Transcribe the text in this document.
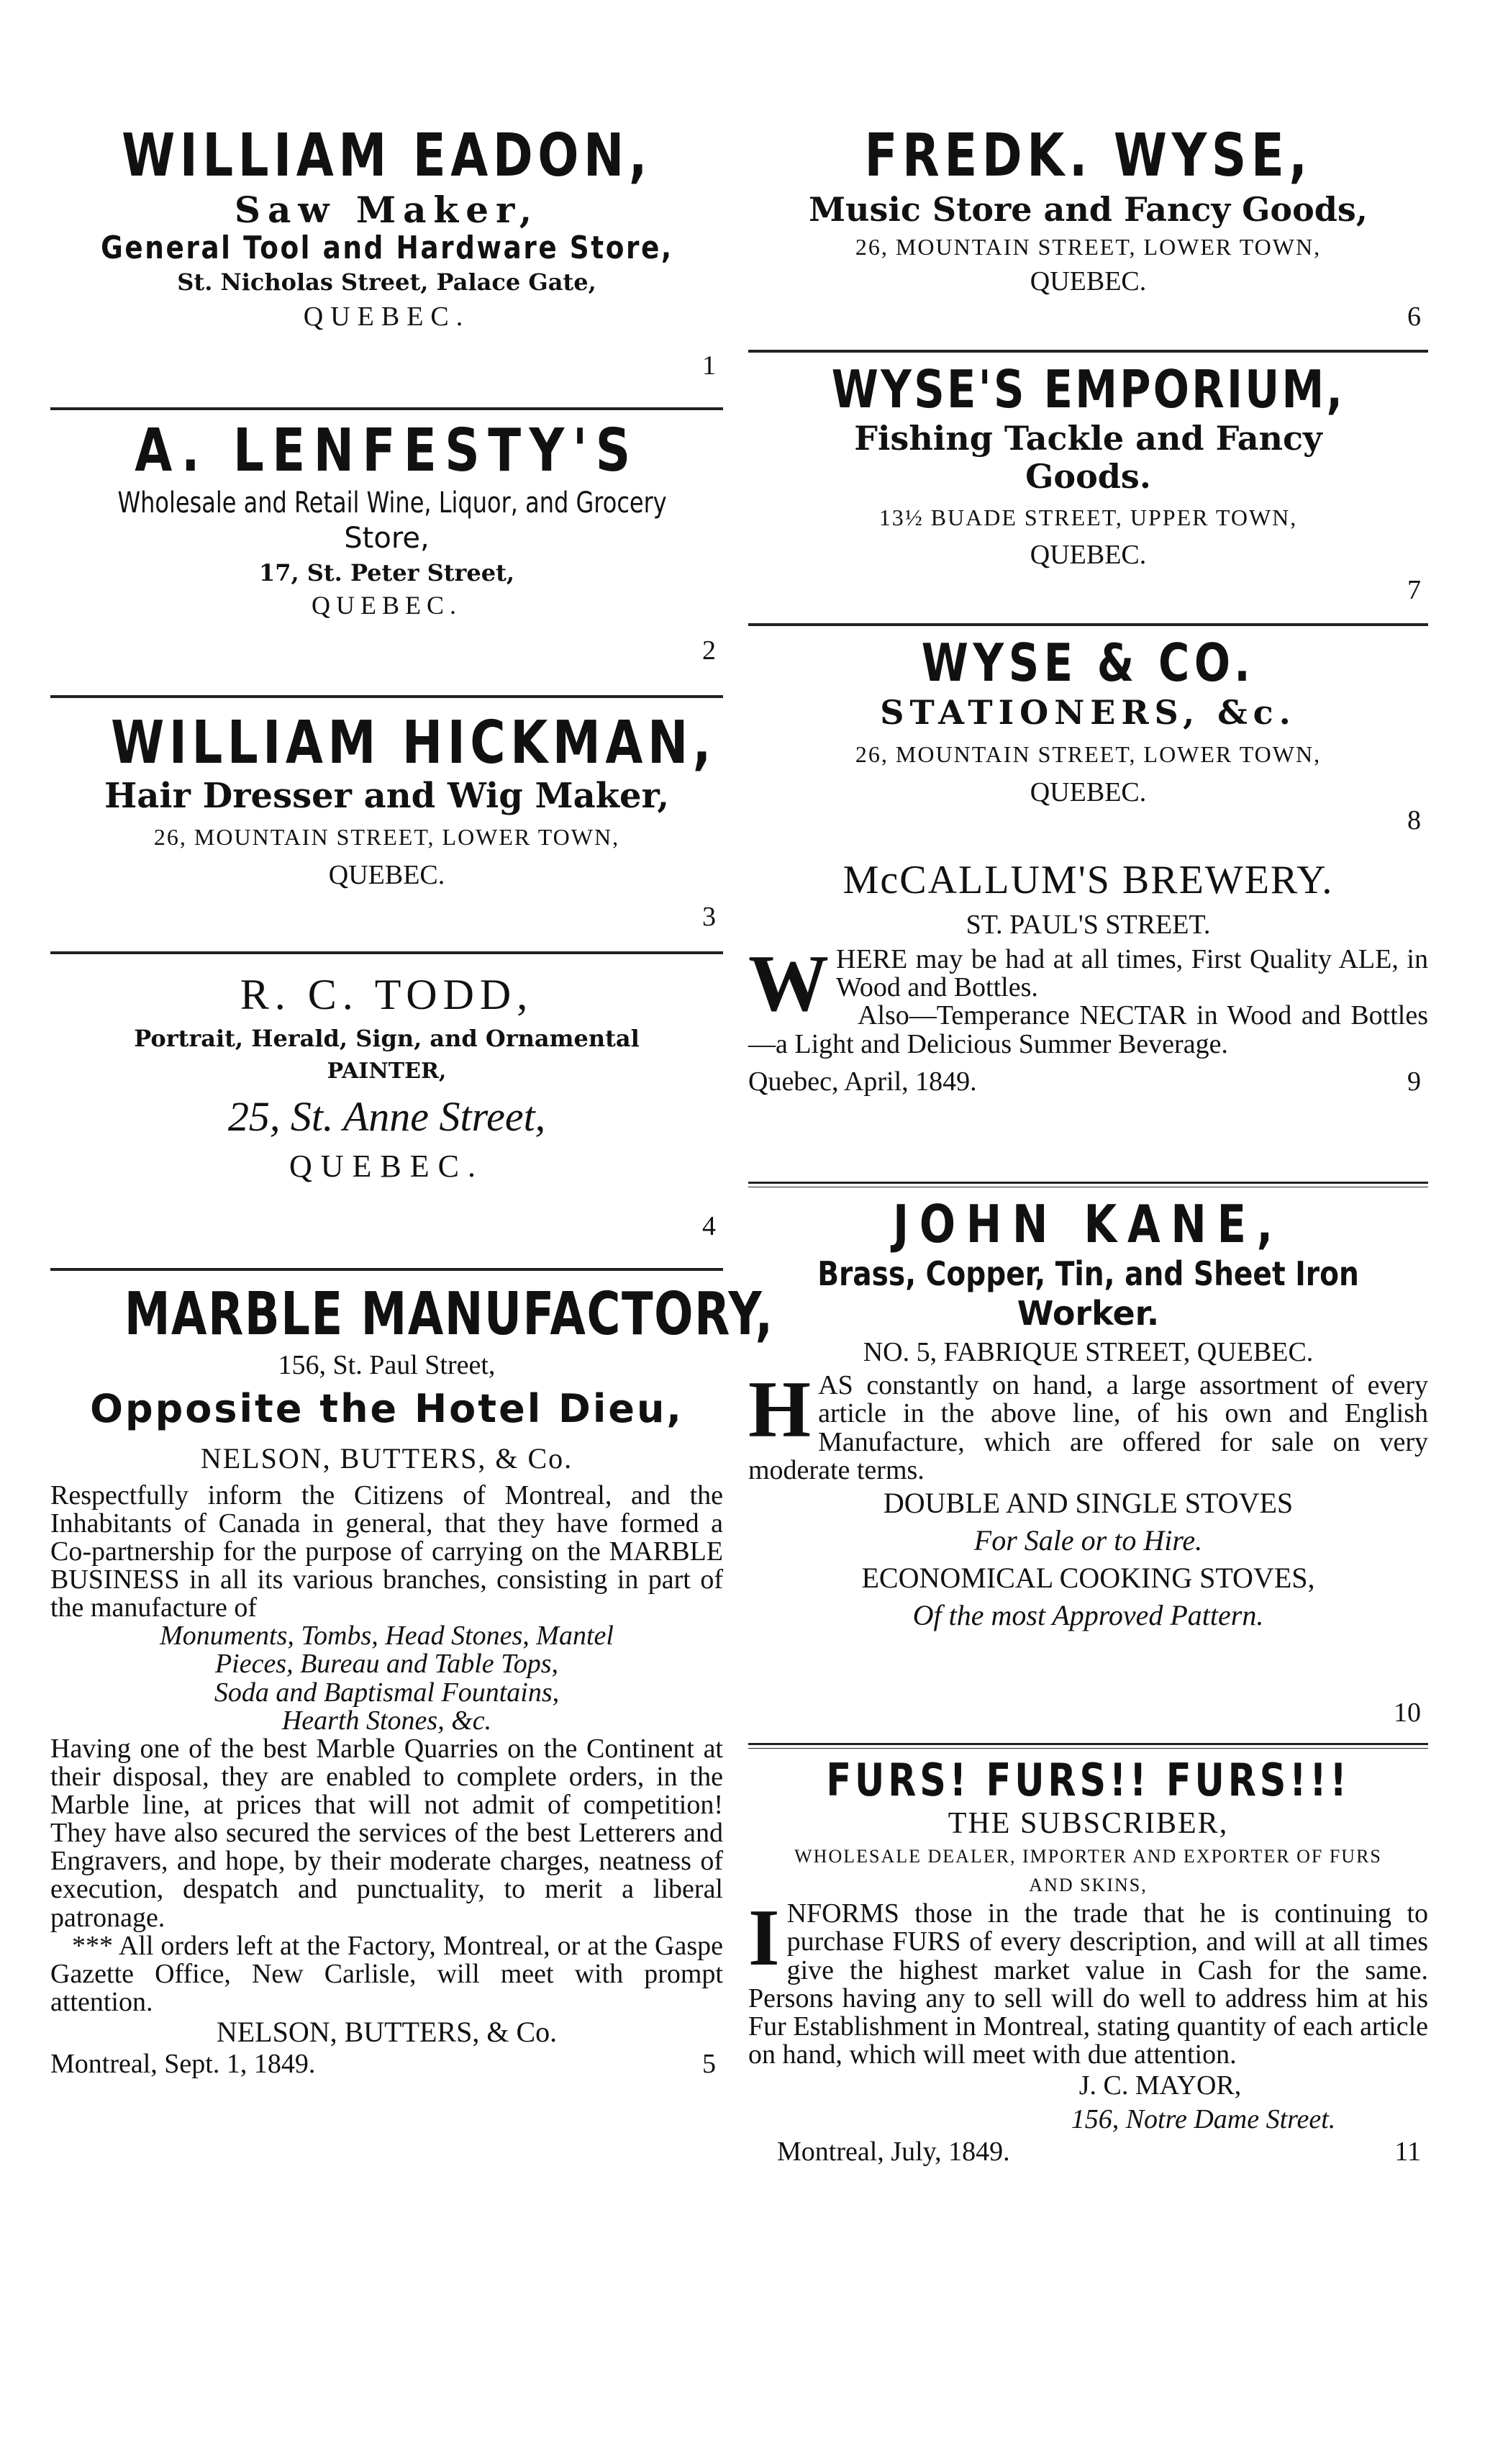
WILLIAM EADON,
Saw Maker,
General Tool and Hardware Store,
St. Nicholas Street, Palace Gate,
QUEBEC.
1
A. LENFESTY'S
Wholesale and Retail Wine, Liquor, and Grocery
Store,
17, St. Peter Street,
QUEBEC.
2
WILLIAM HICKMAN,
Hair Dresser and Wig Maker,
26, MOUNTAIN STREET, LOWER TOWN,
QUEBEC.
3
R. C. TODD,
Portrait, Herald, Sign, and Ornamental
PAINTER,
25, St. Anne Street,
QUEBEC.
4
MARBLE MANUFACTORY,
156, St. Paul Street,
Opposite the Hotel Dieu,
NELSON, BUTTERS, & Co.

Respectfully inform the Citizens of Montreal, and the Inhabitants of Canada in general, that they have formed a Co-partnership for the purpose of carrying on the MARBLE BUSINESS in all its various branches, consisting in part of the manufacture of

Monuments, Tombs, Head Stones, Mantel
Pieces, Bureau and Table Tops,
Soda and Baptismal Fountains,
Hearth Stones, &c.

Having one of the best Marble Quarries on the Continent at their disposal, they are enabled to complete orders, in the Marble line, at prices that will not admit of competition! They have also secured the services of the best Letterers and Engravers, and hope, by their moderate charges, neatness of execution, despatch and punctuality, to merit a liberal patronage.

*** All orders left at the Factory, Montreal, or at the Gaspe Gazette Office, New Carlisle, will meet with prompt attention.

NELSON, BUTTERS, & Co.
Montreal, Sept. 1, 1849.	5
FREDK. WYSE,
Music Store and Fancy Goods,
26, MOUNTAIN STREET, LOWER TOWN,
QUEBEC.
6
WYSE'S EMPORIUM,
Fishing Tackle and Fancy
Goods.
13½ BUADE STREET, UPPER TOWN,
QUEBEC.
7
WYSE & CO.
STATIONERS, &c.
26, MOUNTAIN STREET, LOWER TOWN,
QUEBEC.
8
McCALLUM'S BREWERY.
ST. PAUL'S STREET.
W HERE may be had at all times, First Quality ALE, in Wood and Bottles.

Also—Temperance NECTAR in Wood and Bottles—a Light and Delicious Summer Beverage.

Quebec, April, 1849.	9
JOHN KANE,
Brass, Copper, Tin, and Sheet Iron
Worker.
NO. 5, FABRIQUE STREET, QUEBEC.
H AS constantly on hand, a large assortment of every article in the above line, of his own and English Manufacture, which are offered for sale on very moderate terms.

DOUBLE AND SINGLE STOVES
For Sale or to Hire.
ECONOMICAL COOKING STOVES,
Of the most Approved Pattern.
10
FURS! FURS!! FURS!!!
THE SUBSCRIBER,
WHOLESALE DEALER, IMPORTER AND EXPORTER OF FURS AND SKINS,
I NFORMS those in the trade that he is continuing to purchase FURS of every description, and will at all times give the highest market value in Cash for the same. Persons having any to sell will do well to address him at his Fur Establishment in Montreal, stating quantity of each article on hand, which will meet with due attention.

J. C. MAYOR,
156, Notre Dame Street.
Montreal, July, 1849.	11
